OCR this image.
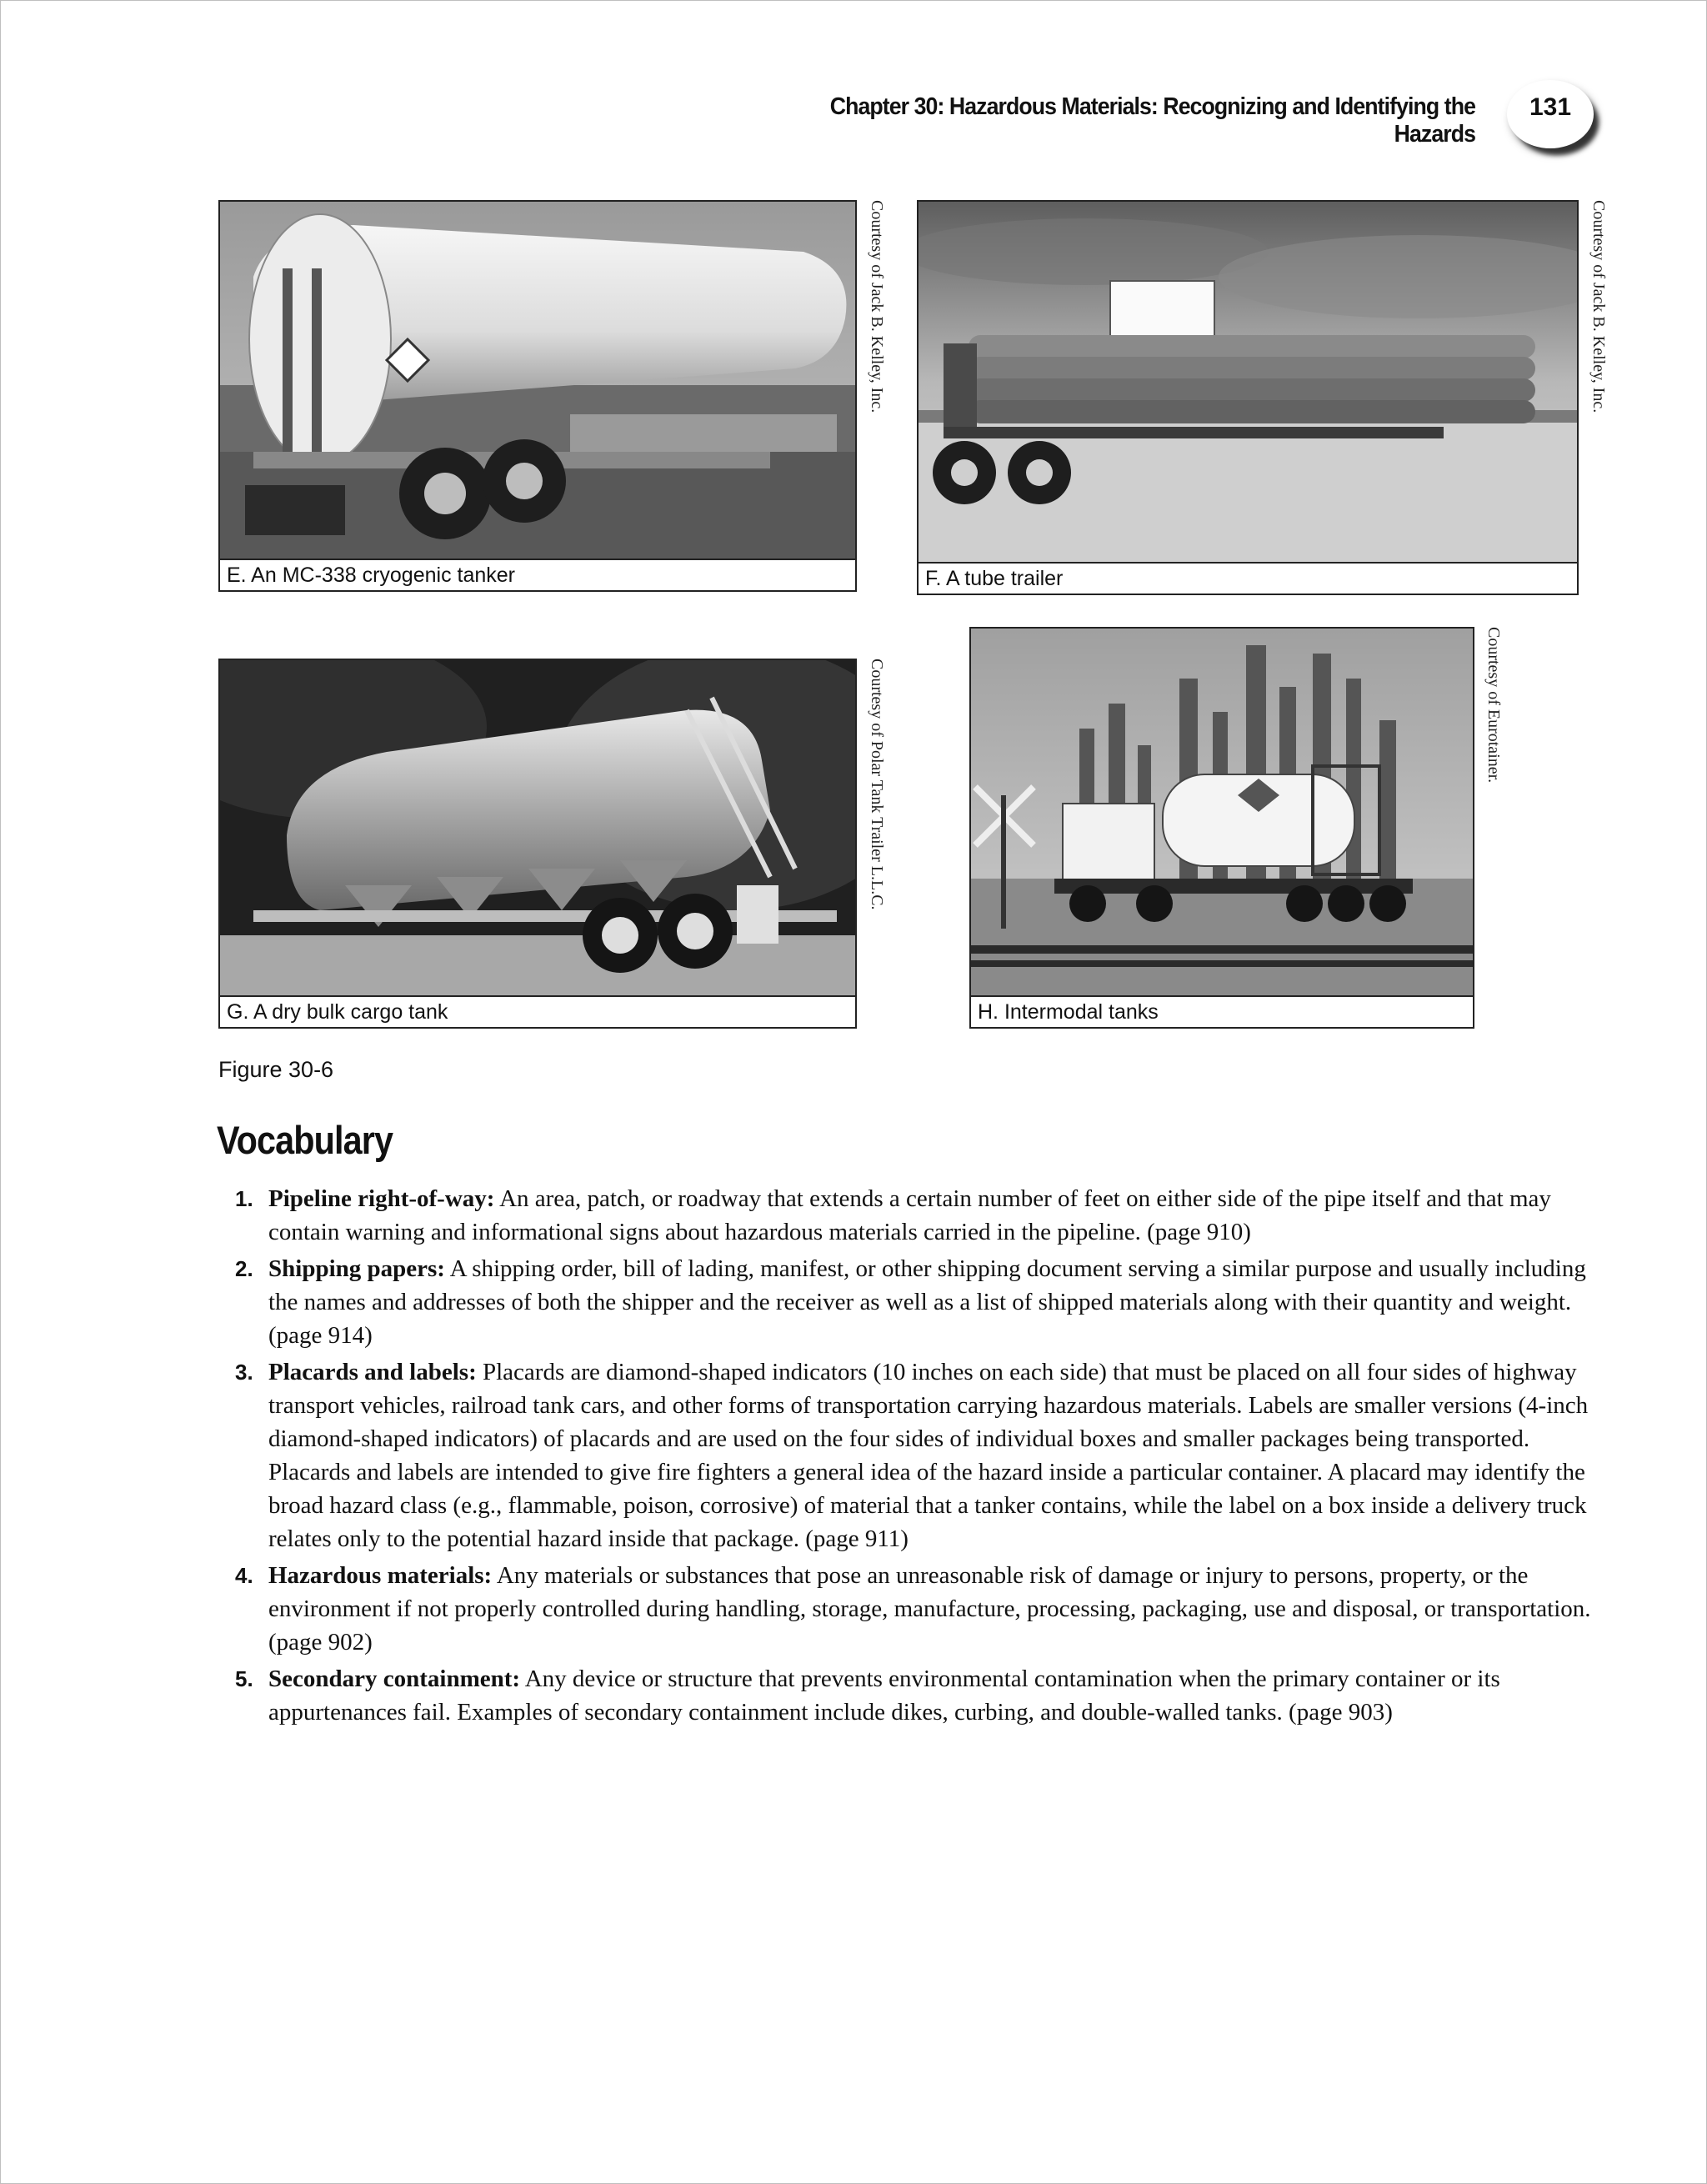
Chapter 30: Hazardous Materials: Recognizing and Identifying the Hazards
131
E. An MC-338 cryogenic tanker
Courtesy of Jack B. Kelley, Inc.
F. A tube trailer
Courtesy of Jack B. Kelley, Inc.
G. A dry bulk cargo tank
Courtesy of Polar Tank Trailer L.L.C.
H. Intermodal tanks
Courtesy of Eurotainer.
Figure 30-6
Vocabulary
1. Pipeline right-of-way: An area, patch, or roadway that extends a certain number of feet on either side of the pipe itself and that may contain warning and informational signs about hazardous materials carried in the pipeline. (page 910)
2. Shipping papers: A shipping order, bill of lading, manifest, or other shipping document serving a similar purpose and usually including the names and addresses of both the shipper and the receiver as well as a list of shipped materials along with their quantity and weight. (page 914)
3. Placards and labels: Placards are diamond-shaped indicators (10 inches on each side) that must be placed on all four sides of highway transport vehicles, railroad tank cars, and other forms of transportation carrying hazardous materials. Labels are smaller versions (4-inch diamond-shaped indicators) of placards and are used on the four sides of individual boxes and smaller packages being transported. Placards and labels are intended to give fire fighters a general idea of the hazard inside a particular container. A placard may identify the broad hazard class (e.g., flammable, poison, corrosive) of material that a tanker contains, while the label on a box inside a delivery truck relates only to the potential hazard inside that package. (page 911)
4. Hazardous materials: Any materials or substances that pose an unreasonable risk of damage or injury to persons, property, or the environment if not properly controlled during handling, storage, manufacture, processing, packaging, use and disposal, or transportation. (page 902)
5. Secondary containment: Any device or structure that prevents environmental contamination when the primary container or its appurtenances fail. Examples of secondary containment include dikes, curbing, and double-walled tanks. (page 903)
